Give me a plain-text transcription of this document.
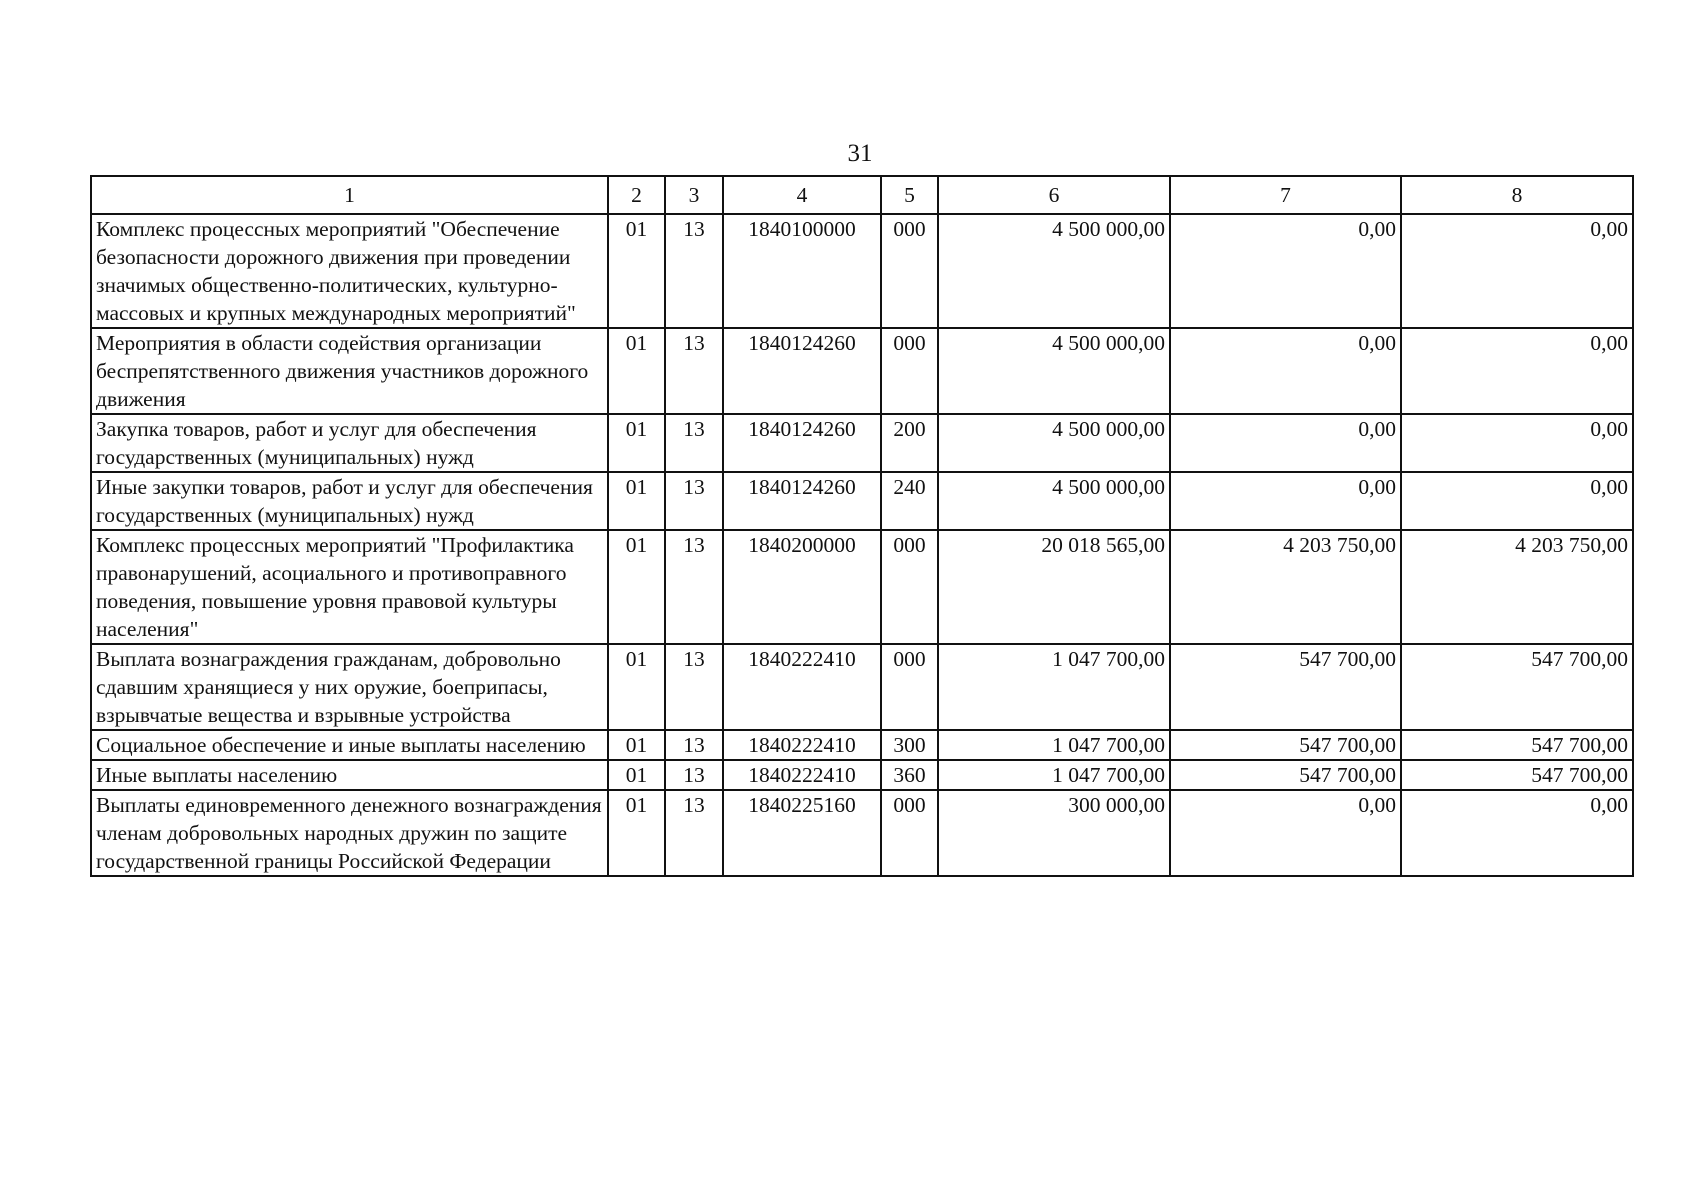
31
1	2	3	4	5	6	7	8
Комплекс процессных мероприятий "Обеспечение безопасности дорожного движения при проведении значимых общественно-политических, культурно-массовых и крупных международных мероприятий"	01	13	1840100000	000	4 500 000,00	0,00	0,00
Мероприятия в области содействия организации беспрепятственного движения участников дорожного движения	01	13	1840124260	000	4 500 000,00	0,00	0,00
Закупка товаров, работ и услуг для обеспечения государственных (муниципальных) нужд	01	13	1840124260	200	4 500 000,00	0,00	0,00
Иные закупки товаров, работ и услуг для обеспечения государственных (муниципальных) нужд	01	13	1840124260	240	4 500 000,00	0,00	0,00
Комплекс процессных мероприятий "Профилактика правонарушений, асоциального и противоправного поведения, повышение уровня правовой культуры населения"	01	13	1840200000	000	20 018 565,00	4 203 750,00	4 203 750,00
Выплата вознаграждения гражданам, добровольно сдавшим хранящиеся у них оружие, боеприпасы, взрывчатые вещества и взрывные устройства	01	13	1840222410	000	1 047 700,00	547 700,00	547 700,00
Социальное обеспечение и иные выплаты населению	01	13	1840222410	300	1 047 700,00	547 700,00	547 700,00
Иные выплаты населению	01	13	1840222410	360	1 047 700,00	547 700,00	547 700,00
Выплаты единовременного денежного вознаграждения членам добровольных народных дружин по защите государственной границы Российской Федерации	01	13	1840225160	000	300 000,00	0,00	0,00
